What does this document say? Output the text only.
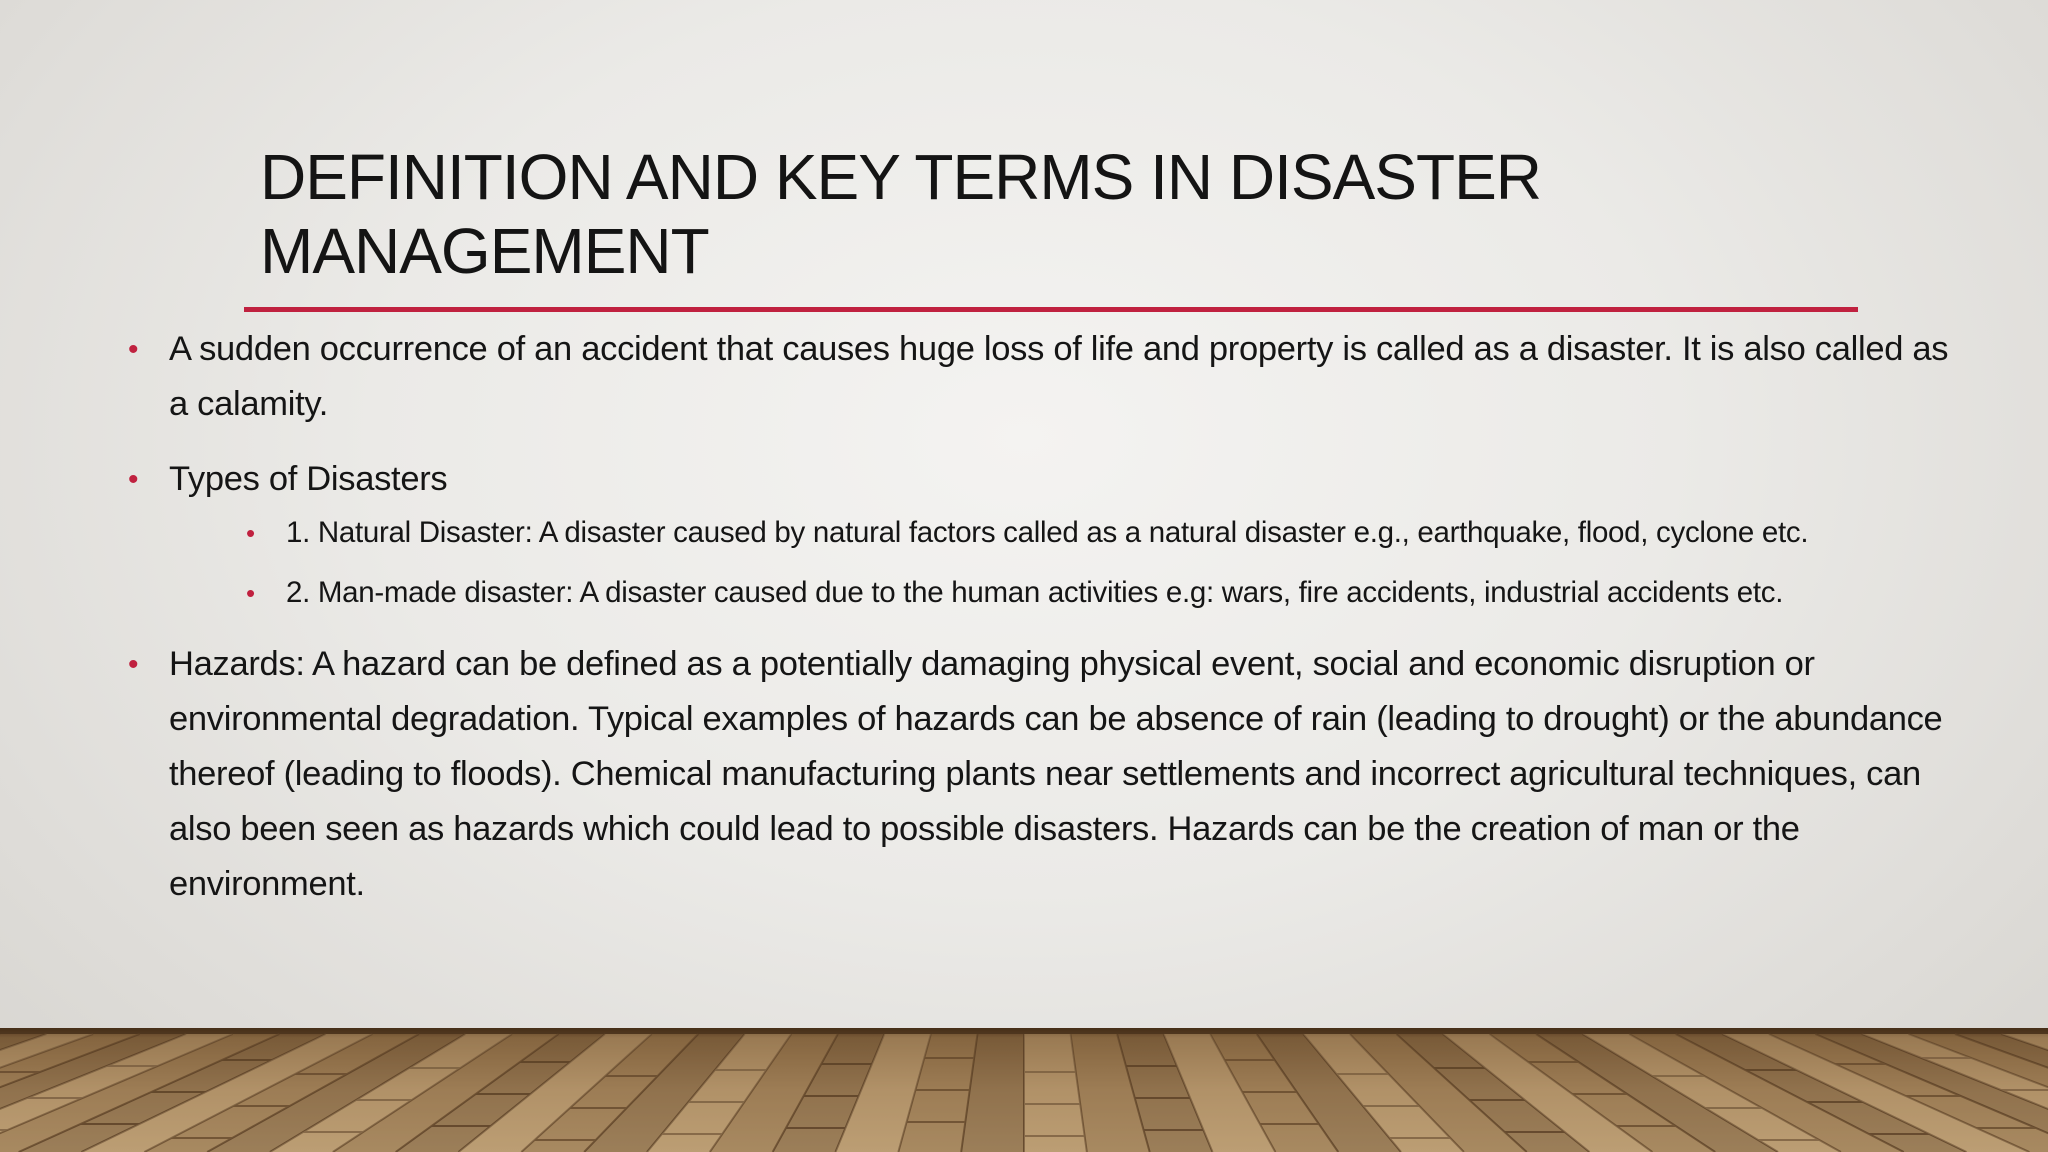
DEFINITION AND KEY TERMS IN DISASTER MANAGEMENT
• A sudden occurrence of an accident that causes huge loss of life and property is called as a disaster. It is also called as a calamity.
• Types of Disasters
• 1. Natural Disaster: A disaster caused by natural factors called as a natural disaster e.g., earthquake, flood, cyclone etc.
• 2. Man-made disaster: A disaster caused due to the human activities e.g: wars, fire accidents, industrial accidents etc.
• Hazards: A hazard can be defined as a potentially damaging physical event, social and economic disruption or environmental degradation. Typical examples of hazards can be absence of rain (leading to drought) or the abundance thereof (leading to floods). Chemical manufacturing plants near settlements and incorrect agricultural techniques, can also been seen as hazards which could lead to possible disasters. Hazards can be the creation of man or the environment.
